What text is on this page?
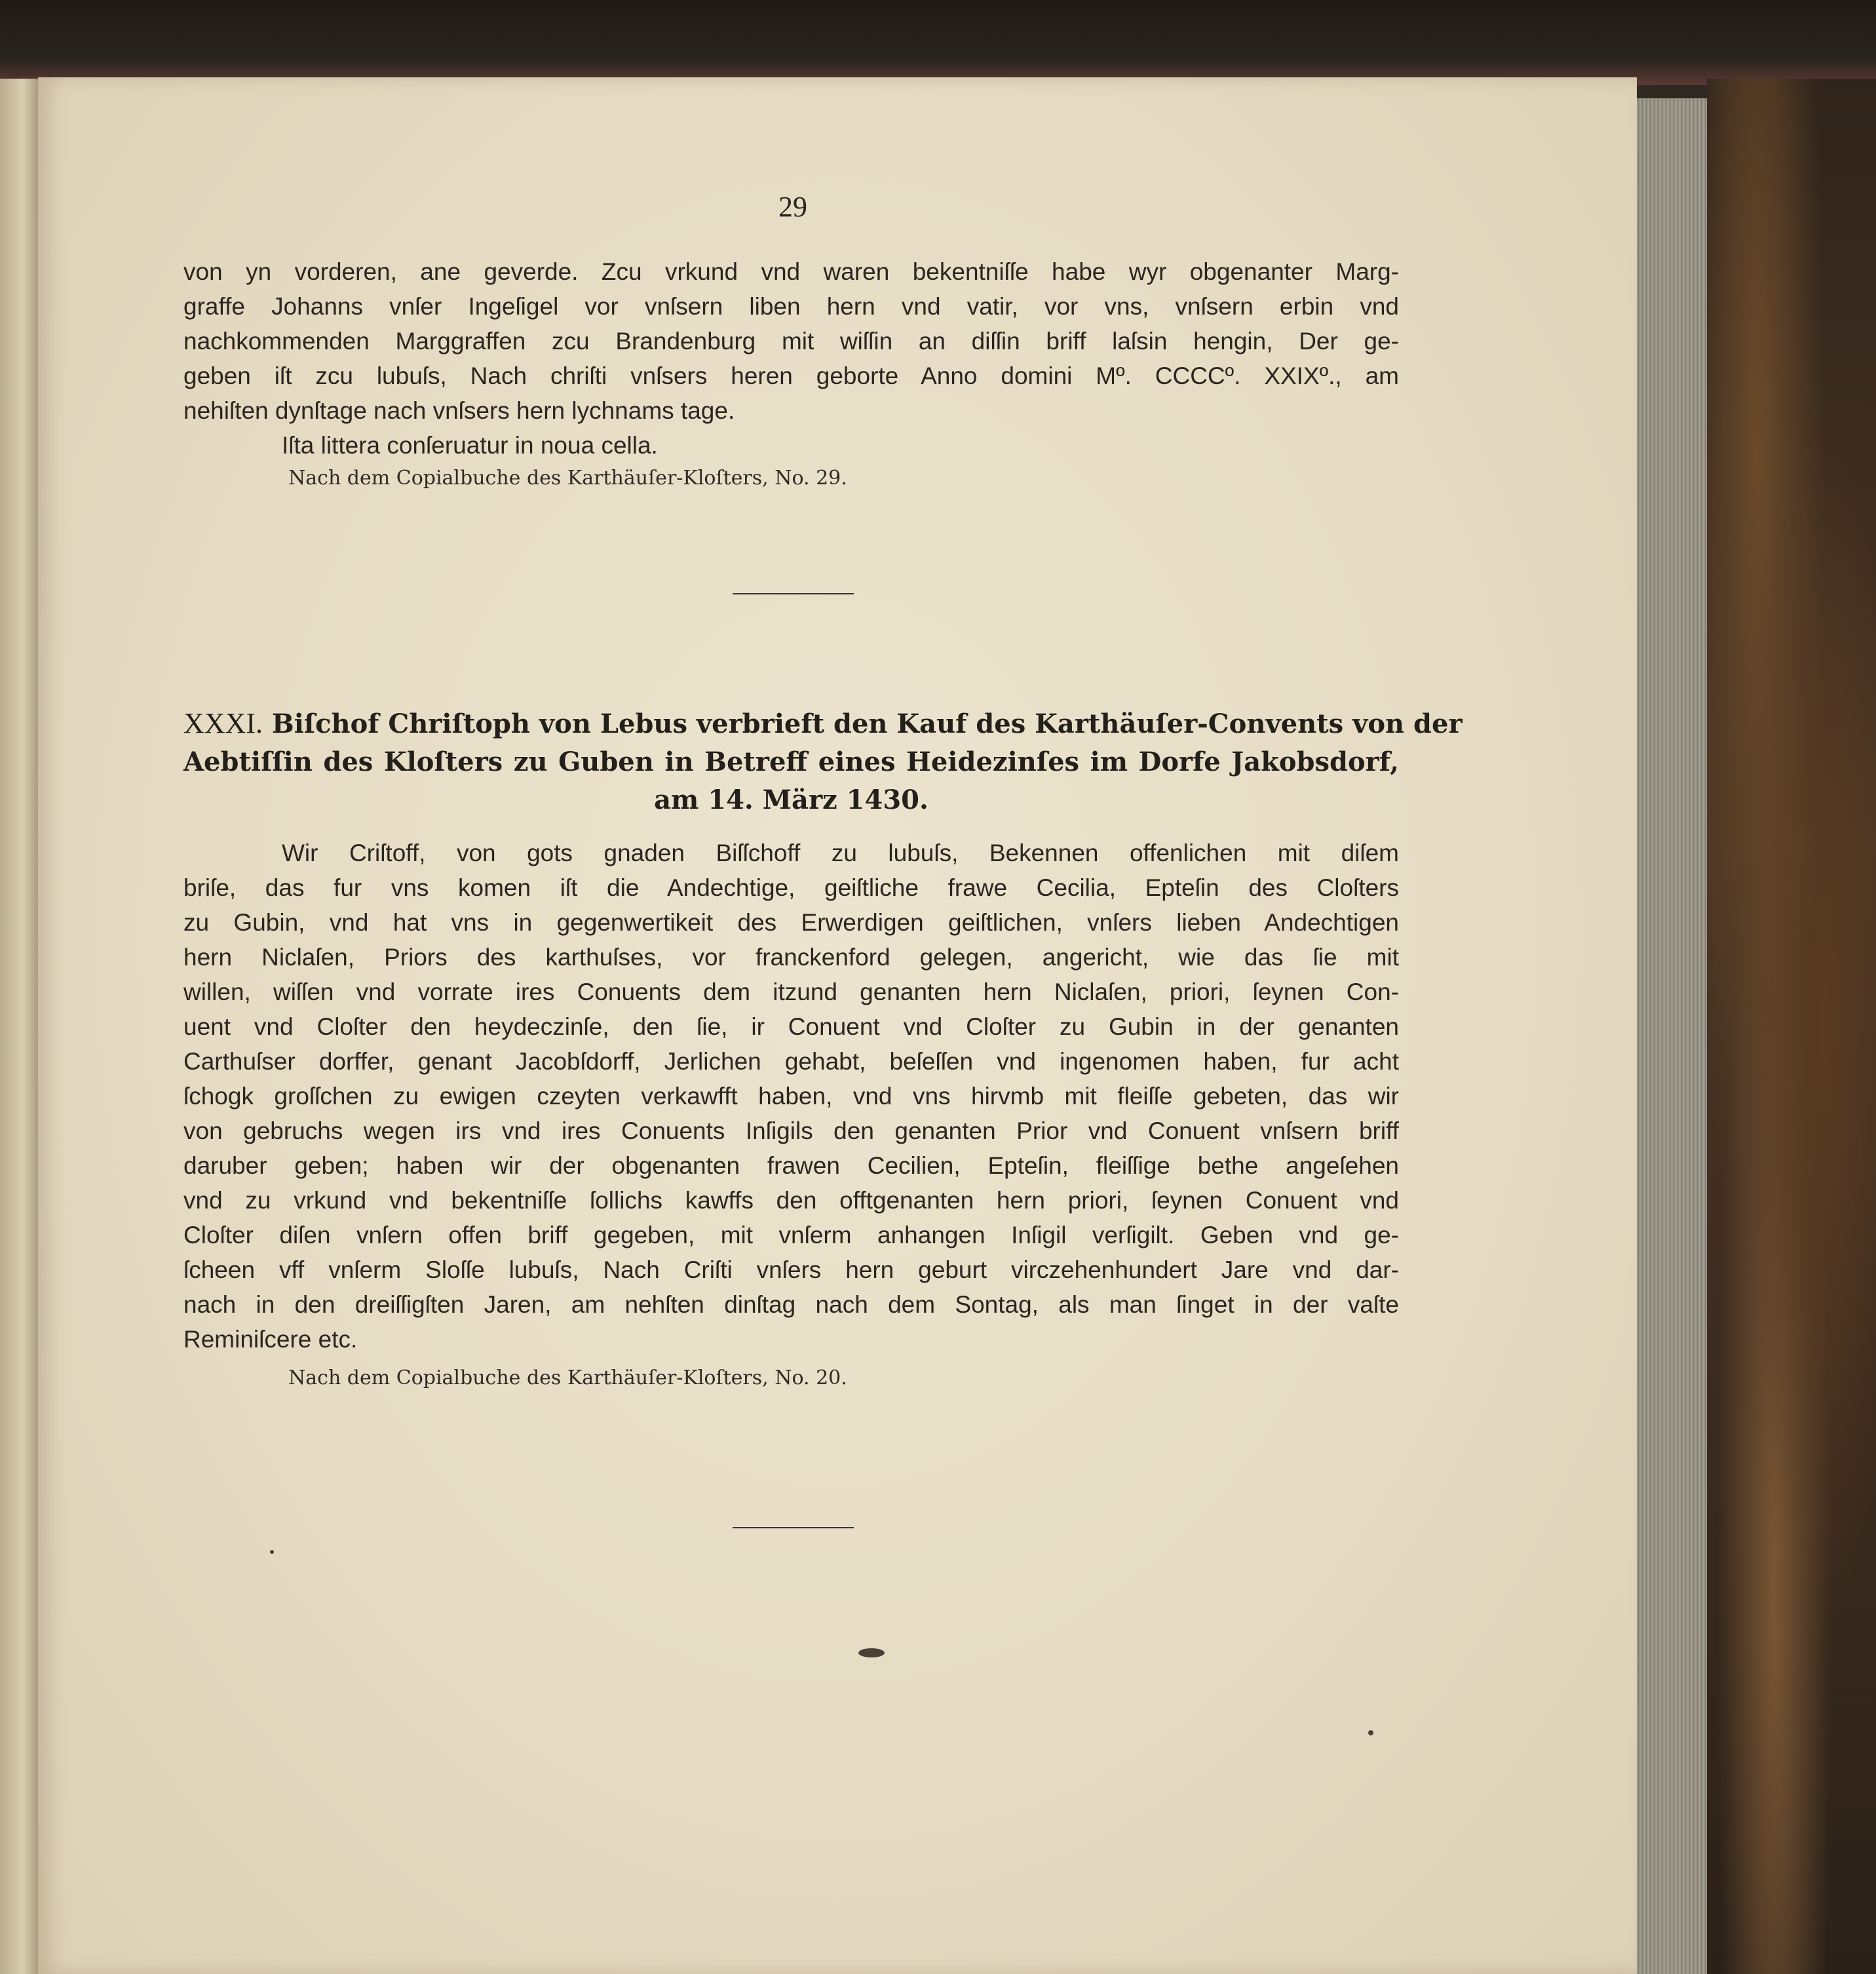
29
von yn vorderen, ane geverde. Zcu vrkund vnd waren bekentniſſe habe wyr obgenanter Marg-
graffe Johanns vnſer Ingeſigel vor vnſsern liben hern vnd vatir, vor vns, vnſsern erbin vnd
nachkommenden Marggraffen zcu Brandenburg mit wiſſin an diſſin briff laſsin hengin, Der ge-
geben iſt zcu lubuſs, Nach chriſti vnſsers heren geborte Anno domini Mº. CCCCº. XXIXº., am
nehiſten dynſtage nach vnſsers hern lychnams tage.
Iſta littera conſeruatur in noua cella.
Nach dem Copialbuche des Karthäuſer-Kloſters, No. 29.
XXXI. Biſchof Chriſtoph von Lebus verbrieft den Kauf des Karthäuſer-Convents von der
Aebtiſſin des Kloſters zu Guben in Betreff eines Heidezinſes im Dorfe Jakobsdorf,
am 14. März 1430.
Wir Criſtoff, von gots gnaden Biſſchoff zu lubuſs, Bekennen offenlichen mit diſem
briſe, das fur vns komen iſt die Andechtige, geiſtliche frawe Cecilia, Epteſin des Cloſters
zu Gubin, vnd hat vns in gegenwertikeit des Erwerdigen geiſtlichen, vnſers lieben Andechtigen
hern Niclaſen, Priors des karthuſses, vor franckenford gelegen, angericht, wie das ſie mit
willen, wiſſen vnd vorrate ires Conuents dem itzund genanten hern Niclaſen, priori, ſeynen Con-
uent vnd Cloſter den heydeczinſe, den ſie, ir Conuent vnd Cloſter zu Gubin in der genanten
Carthuſser dorffer, genant Jacobſdorff, Jerlichen gehabt, beſeſſen vnd ingenomen haben, fur acht
ſchogk groſſchen zu ewigen czeyten verkawfft haben, vnd vns hirvmb mit fleiſſe gebeten, das wir
von gebruchs wegen irs vnd ires Conuents Inſigils den genanten Prior vnd Conuent vnſsern briff
daruber geben; haben wir der obgenanten frawen Cecilien, Epteſin, fleiſſige bethe angeſehen
vnd zu vrkund vnd bekentniſſe ſollichs kawffs den offtgenanten hern priori, ſeynen Conuent vnd
Cloſter diſen vnſern offen briff gegeben, mit vnſerm anhangen Inſigil verſigilt. Geben vnd ge-
ſcheen vff vnſerm Sloſſe lubuſs, Nach Criſti vnſers hern geburt virczehenhundert Jare vnd dar-
nach in den dreiſſigſten Jaren, am nehſten dinſtag nach dem Sontag, als man ſinget in der vaſte
Reminiſcere etc.
Nach dem Copialbuche des Karthäuſer-Kloſters, No. 20.
